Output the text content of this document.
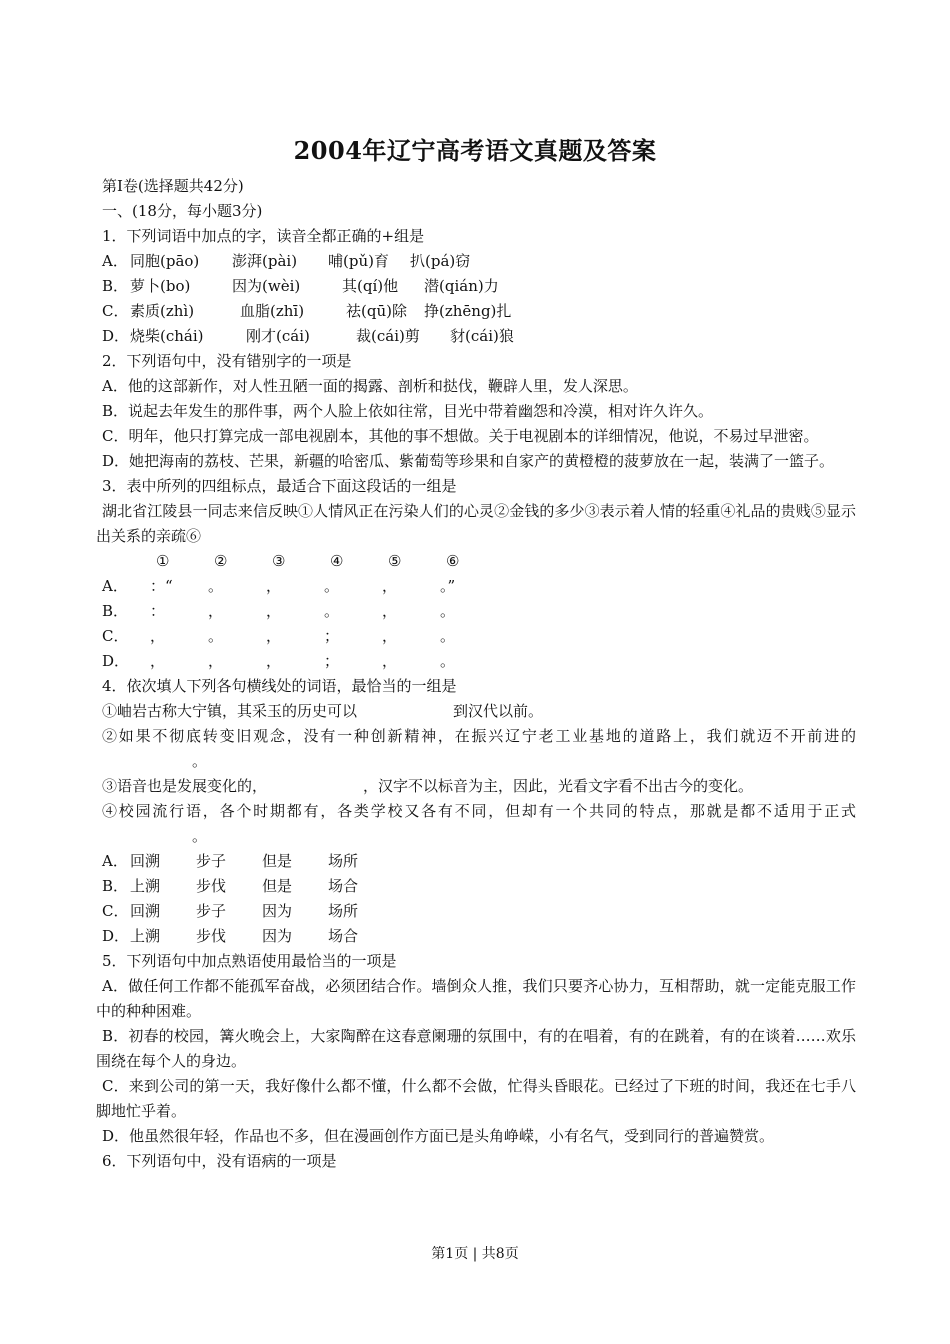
2004年辽宁高考语文真题及答案
第Ⅰ卷(选择题共42分)
一、(18分，每小题3分)
1．下列词语中加点的字，读音全都正确的+组是
A． 同胞(pāo) 澎湃(pài) 哺(pǔ)育 扒(pá)窃
B． 萝卜(bo)	因为(wèi)	其(qí)他 潜(qián)力
C． 素质(zhì)	血脂(zhī)	祛(qū)除 挣(zhēng)扎
D．烧柴(chái)	刚才(cái)	裁(cái)剪 豺(cái)狼
2．下列语句中，没有错别字的一项是
A．他的这部新作，对人性丑陋一面的揭露、剖析和挞伐，鞭辟人里，发人深思。
B．说起去年发生的那件事，两个人脸上依如往常，目光中带着幽怨和冷漠，相对许久许久。
C．明年，他只打算完成一部电视剧本，其他的事不想做。关于电视剧本的详细情况，他说，不易过早泄密。
D．她把海南的荔枝、芒果，新疆的哈密瓜、紫葡萄等珍果和自家产的黄橙橙的菠萝放在一起，装满了一篮子。
3．表中所列的四组标点，最适合下面这段话的一组是
湖北省江陵县一同志来信反映①人情风正在污染人们的心灵②金钱的多少③表示着人情的轻重④礼品的贵贱⑤显示出关系的亲疏⑥
①	②	③	④	⑤	⑥
A．	：“	。	，	。	，	。”
B．	：	，	，	。	，	。
C．	，	。	，	；	，	。
D．	，	，	，	；	，	。
4．依次填人下列各句横线处的词语，最恰当的一组是
①岫岩古称大宁镇，其采玉的历史可以	到汉代以前。
②如果不彻底转变旧观念，没有一种创新精神，在振兴辽宁老工业基地的道路上，我们就迈不开前进的。
③语音也是发展变化的，	，汉字不以标音为主，因此，光看文字看不出古今的变化。
④校园流行语，各个时期都有，各类学校又各有不同，但却有一个共同的特点，那就是都不适用于正式。
A． 回溯 步子 但是 场所
B． 上溯 步伐 但是 场合
C． 回溯 步子 因为 场所
D．上溯 步伐 因为 场合
5．下列语句中加点熟语使用最恰当的一项是
A．做任何工作都不能孤军奋战，必须团结合作。墙倒众人推，我们只要齐心协力，互相帮助，就一定能克服工作中的种种困难。
B．初春的校园，篝火晚会上，大家陶醉在这春意阑珊的氛围中，有的在唱着，有的在跳着，有的在谈着……欢乐围绕在每个人的身边。
C．来到公司的第一天，我好像什么都不懂，什么都不会做，忙得头昏眼花。已经过了下班的时间，我还在七手八脚地忙乎着。
D．他虽然很年轻，作品也不多，但在漫画创作方面已是头角峥嵘，小有名气，受到同行的普遍赞赏。
6．下列语句中，没有语病的一项是
第1页 | 共8页
